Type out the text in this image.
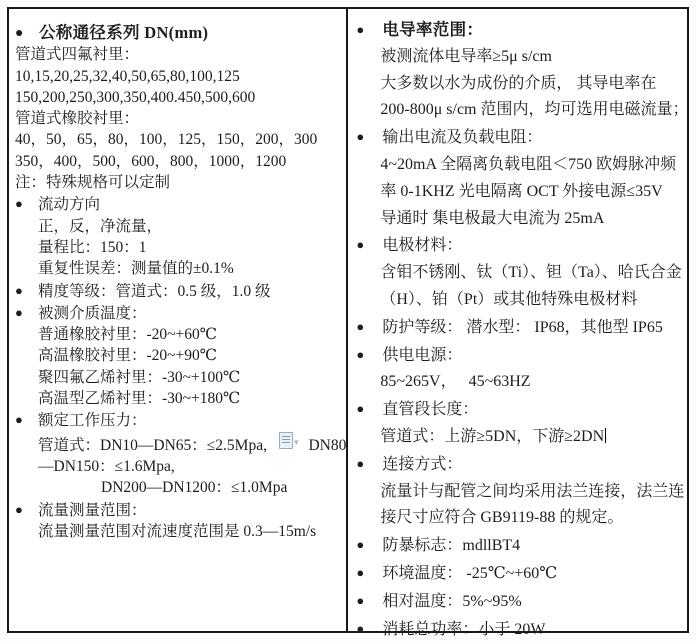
● 公称通径系列 DN(mm)
管道式四氟衬里：
10,15,20,25,32,40,50,65,80,100,125
150,200,250,300,350,400.450,500,600
管道式橡胶衬里：
40，50，65，80，100，125，150，200，300
350，400，500，600，800，1000，1200
注：特殊规格可以定制
● 流动方向
正，反，净流量，
量程比：150：1
重复性误差：测量值的±0.1%
● 精度等级：管道式：0.5 级，1.0 级
● 被测介质温度：
普通橡胶衬里：-20~+60℃
高温橡胶衬里：-20~+90℃
聚四氟乙烯衬里：-30~+100℃
高温型乙烯衬里：-30~+180℃
● 额定工作压力：
管道式：DN10—DN65：≤2.5Mpa,	▾ DN80
—DN150：≤1.6Mpa,
DN200—DN1200：≤1.0Mpa
● 流量测量范围：
流量测量范围对流速度范围是 0.3—15m/s
● 电导率范围：
被测流体电导率≥5μ s/cm
大多数以水为成份的介质， 其导电率在
200-800μ s/cm 范围内，均可选用电磁流量；
● 输出电流及负载电阻：
4~20mA 全隔离负载电阻＜750 欧姆脉冲频
率 0-1KHZ 光电隔离 OCT 外接电源≤35V
导通时 集电极最大电流为 25mA
● 电极材料：
含钼不锈刚、钛（Ti）、钽（Ta）、哈氏合金
（H）、铂（Pt）或其他特殊电极材料
● 防护等级： 潜水型： IP68，其他型 IP65
● 供电电源：
85~265V，　 45~63HZ
● 直管段长度：
管道式：上游≥5DN，下游≥2DN
● 连接方式：
流量计与配管之间均采用法兰连接，法兰连
接尺寸应符合 GB9119-88 的规定。
● 防暴标志：mdllBT4
● 环境温度： -25℃~+60℃
● 相对温度：5%~95%
● 消耗总功率：小于 20W
